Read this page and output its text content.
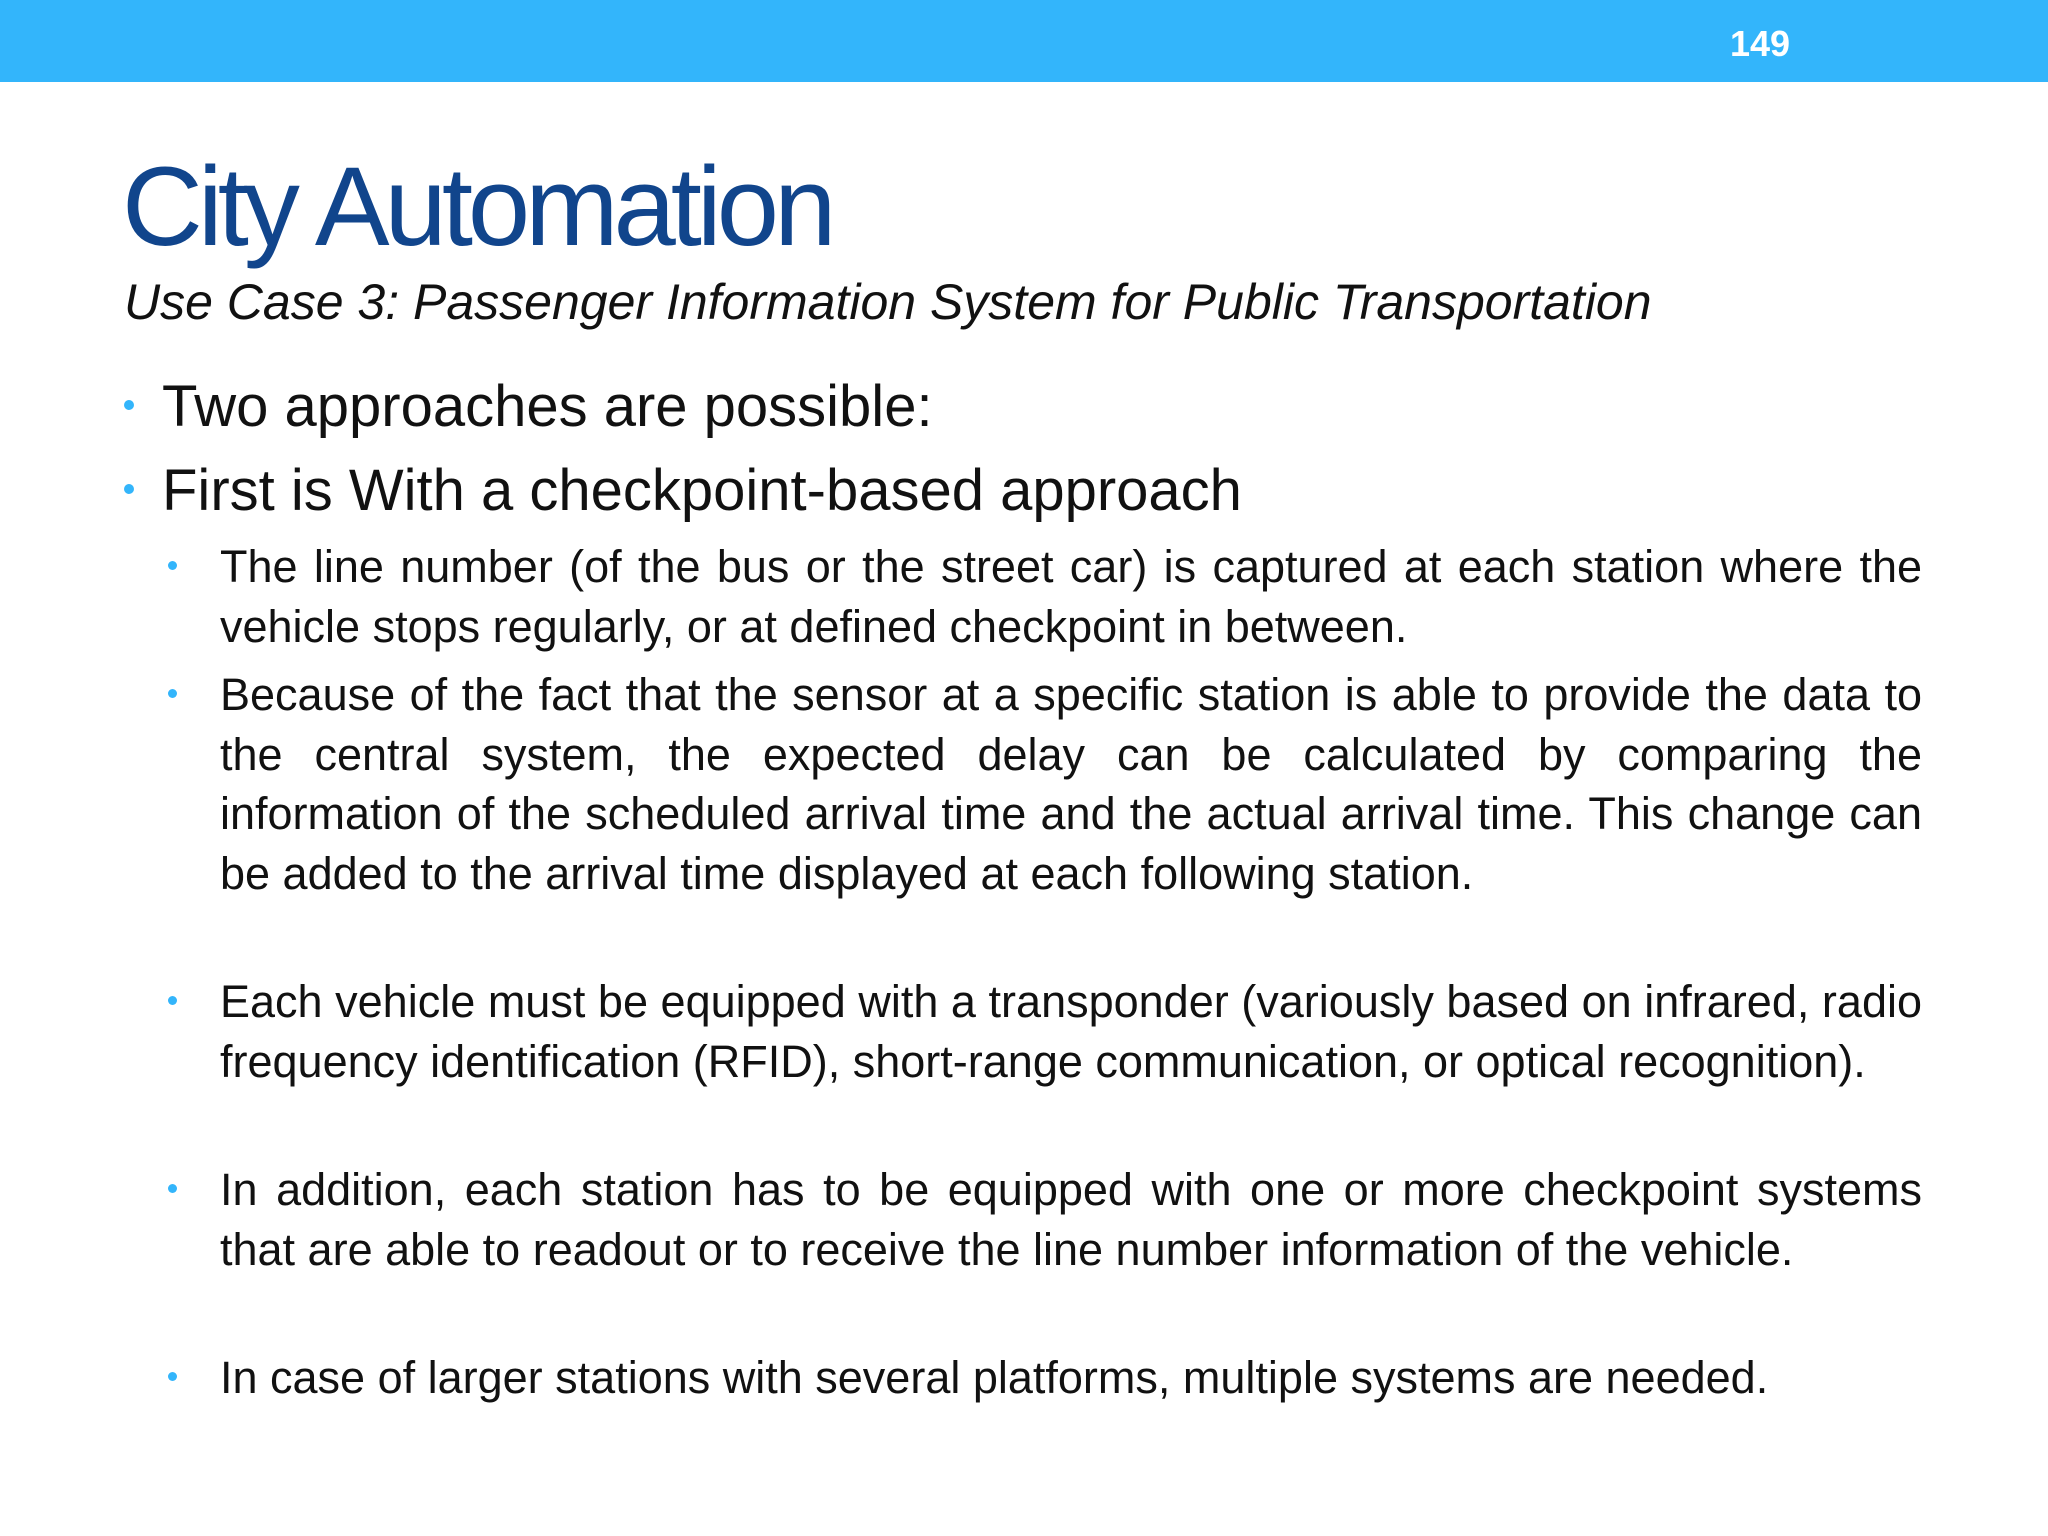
149
City Automation

Use Case 3: Passenger Information System for Public Transportation

Two approaches are possible:
First is With a checkpoint-based approach
The line number (of the bus or the street car) is captured at each station where the vehicle stops regularly, or at defined checkpoint in between.
Because of the fact that the sensor at a specific station is able to provide the data to the central system, the expected delay can be calculated by comparing the information of the scheduled arrival time and the actual arrival time. This change can be added to the arrival time displayed at each following station.
Each vehicle must be equipped with a transponder (variously based on infrared, radio frequency identification (RFID), short-range communication, or optical recognition).
In addition, each station has to be equipped with one or more checkpoint systems that are able to readout or to receive the line number information of the vehicle.
In case of larger stations with several platforms, multiple systems are needed.
